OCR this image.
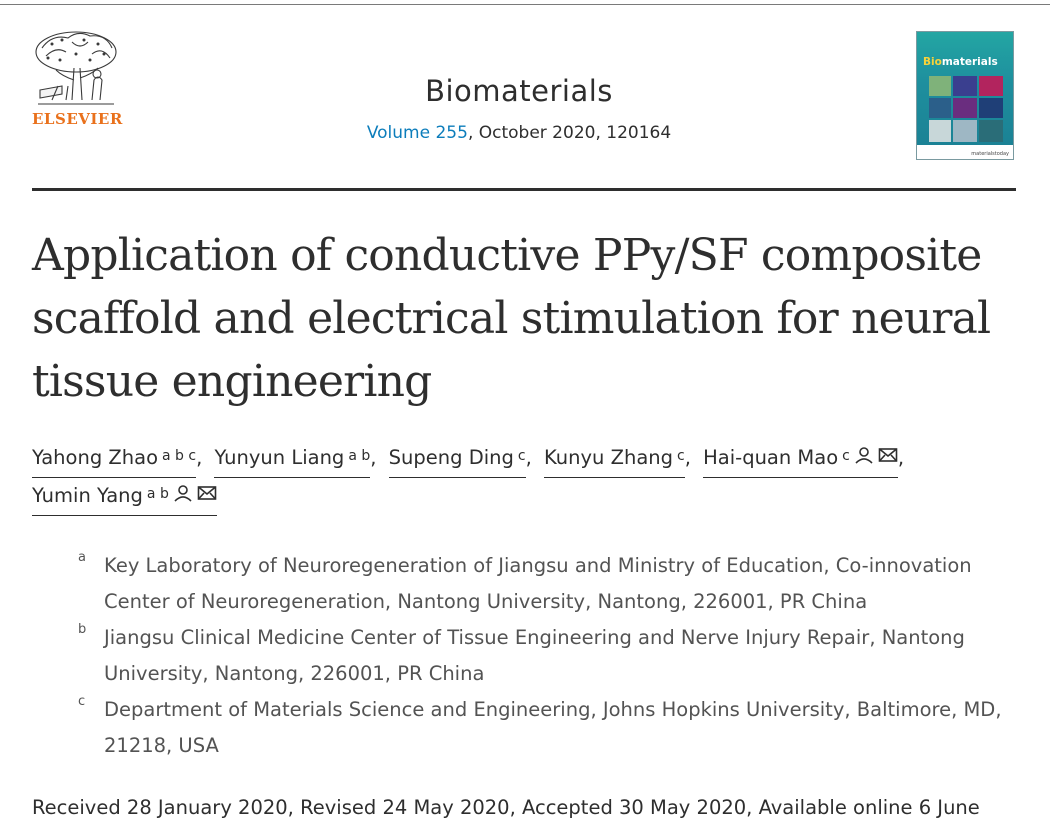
ELSEVIER
Biomaterials
Volume 255, October 2020, 120164
Biomaterials
materialstoday
Application of conductive PPy/SF composite scaffold and electrical stimulation for neural tissue engineering
Yahong Zhao $^{a b c}$ , Yunyun Liang $^{a b}$ , Supeng Ding $^c$ , Kunyu Zhang $^c$ , Hai-quan Mao $^c$ ,

Yumin Yang $^{a b}$
a Key Laboratory of Neuroregeneration of Jiangsu and Ministry of Education, Co-innovation Center of Neuroregeneration, Nantong University, Nantong, 226001, PR China
b Jiangsu Clinical Medicine Center of Tissue Engineering and Nerve Injury Repair, Nantong University, Nantong, 226001, PR China
c Department of Materials Science and Engineering, Johns Hopkins University, Baltimore, MD, 21218, USA
Received 28 January 2020, Revised 24 May 2020, Accepted 30 May 2020, Available online 6 June
